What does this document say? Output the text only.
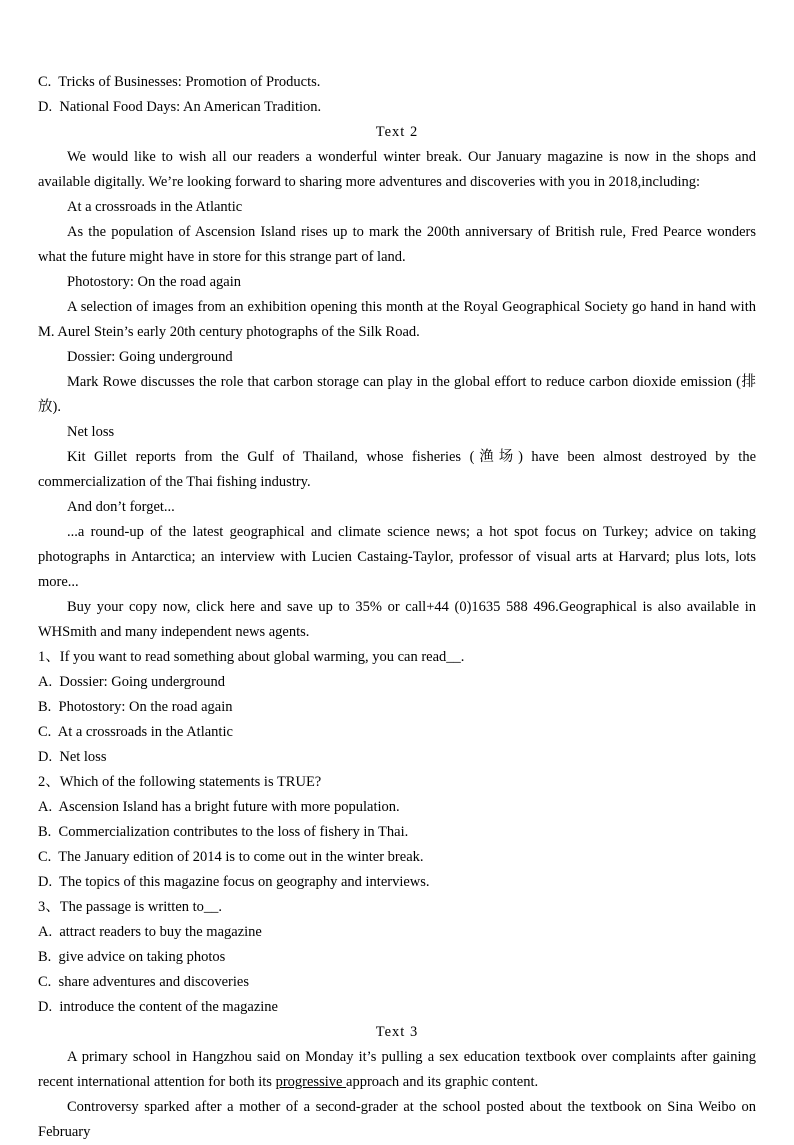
C.  Tricks of Businesses: Promotion of Products.
D.  National Food Days: An American Tradition.
Text 2
We would like to wish all our readers a wonderful winter break. Our January magazine is now in the shops and available digitally. We’re looking forward to sharing more adventures and discoveries with you in 2018,including:
At a crossroads in the Atlantic
As the population of Ascension Island rises up to mark the 200th anniversary of British rule, Fred Pearce wonders what the future might have in store for this strange part of land.
Photostory: On the road again
A selection of images from an exhibition opening this month at the Royal Geographical Society go hand in hand with M. Aurel Stein’s early 20th century photographs of the Silk Road.
Dossier: Going underground
Mark Rowe discusses the role that carbon storage can play in the global effort to reduce carbon dioxide emission (排放).
Net loss
Kit Gillet reports from the Gulf of Thailand, whose fisheries (渔场) have been almost destroyed by the commercialization of the Thai fishing industry.
And don’t forget...
...a round-up of the latest geographical and climate science news; a hot spot focus on Turkey; advice on taking photographs in Antarctica; an interview with Lucien Castaing-Taylor, professor of visual arts at Harvard; plus lots, lots more...
Buy your copy now, click here and save up to 35% or call+44 (0)1635 588 496.Geographical is also available in WHSmith and many independent news agents.
1、If you want to read something about global warming, you can read__.
A.  Dossier: Going underground
B.  Photostory: On the road again
C.  At a crossroads in the Atlantic
D.  Net loss
2、Which of the following statements is TRUE?
A.  Ascension Island has a bright future with more population.
B.  Commercialization contributes to the loss of fishery in Thai.
C.  The January edition of 2014 is to come out in the winter break.
D.  The topics of this magazine focus on geography and interviews.
3、The passage is written to__.
A.  attract readers to buy the magazine
B.  give advice on taking photos
C.  share adventures and discoveries
D.  introduce the content of the magazine
Text 3
A primary school in Hangzhou said on Monday it’s pulling a sex education textbook over complaints after gaining recent international attention for both its progressive approach and its graphic content.
Controversy sparked after a mother of a second-grader at the school posted about the textbook on Sina Weibo on February
